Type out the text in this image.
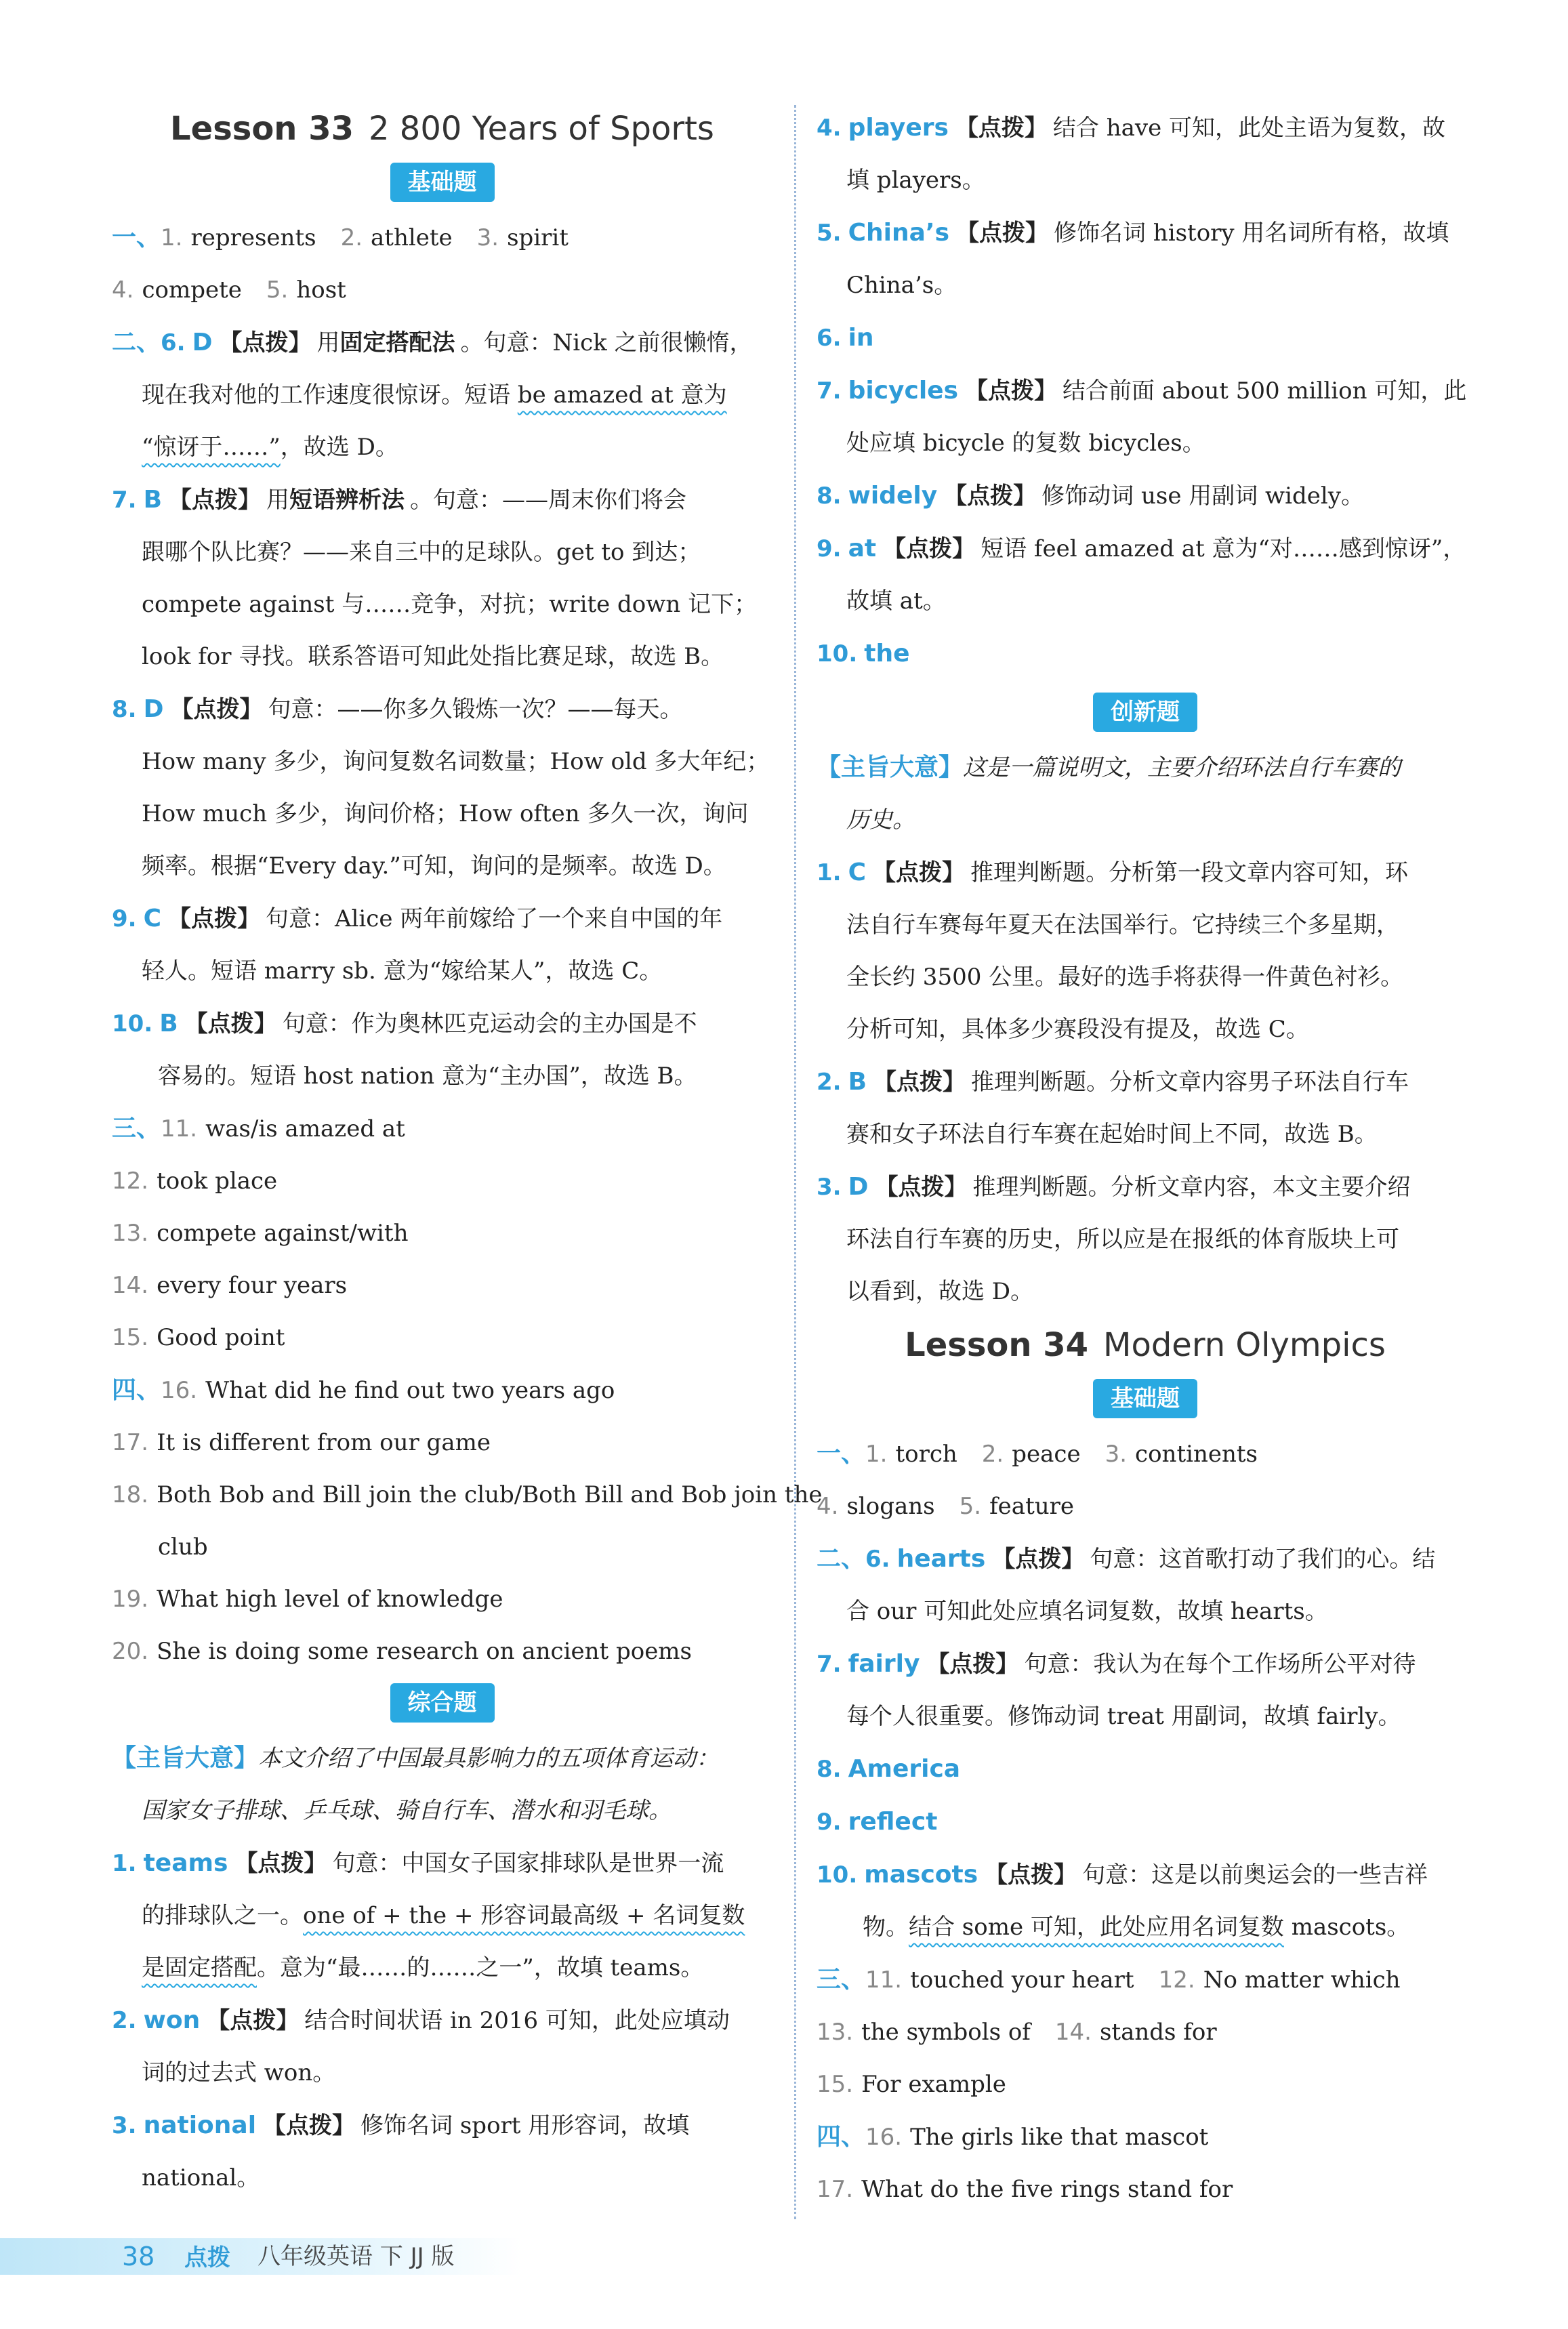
Lesson 33 2 800 Years of Sports
基础题
一、1. represents 2. athlete 3. spirit
4. compete 5. host
二、6. D 【点拨】 用固定搭配法 。句意：Nick 之前很懒惰，
现在我对他的工作速度很惊讶。短语 be amazed at 意为
“惊讶于……”，故选 D。
7. B 【点拨】 用短语辨析法 。句意：——周末你们将会
跟哪个队比赛？——来自三中的足球队。get to 到达；
compete against 与……竞争，对抗；write down 记下；
look for 寻找。联系答语可知此处指比赛足球，故选 B。
8. D 【点拨】 句意：——你多久锻炼一次？——每天。
How many 多少，询问复数名词数量；How old 多大年纪；
How much 多少，询问价格；How often 多久一次，询问
频率。根据“Every day.”可知，询问的是频率。故选 D。
9. C 【点拨】 句意：Alice 两年前嫁给了一个来自中国的年
轻人。短语 marry sb. 意为“嫁给某人”，故选 C。
10. B 【点拨】 句意：作为奥林匹克运动会的主办国是不
容易的。短语 host nation 意为“主办国”，故选 B。
三、11. was/is amazed at
12. took place
13. compete against/with
14. every four years
15. Good point
四、16. What did he find out two years ago
17. It is different from our game
18. Both Bob and Bill join the club/Both Bill and Bob join the
club
19. What high level of knowledge
20. She is doing some research on ancient poems
综合题
【主旨大意】本文介绍了中国最具影响力的五项体育运动：
国家女子排球、乒乓球、骑自行车、潜水和羽毛球。
1. teams 【点拨】 句意：中国女子国家排球队是世界一流
的排球队之一。one of + the + 形容词最高级 + 名词复数
是固定搭配。意为“最……的……之一”，故填 teams。
2. won 【点拨】 结合时间状语 in 2016 可知，此处应填动
词的过去式 won。
3. national 【点拨】 修饰名词 sport 用形容词，故填
national。
4. players 【点拨】 结合 have 可知，此处主语为复数，故
填 players。
5. China’s 【点拨】 修饰名词 history 用名词所有格，故填
China’s。
6. in
7. bicycles 【点拨】 结合前面 about 500 million 可知，此
处应填 bicycle 的复数 bicycles。
8. widely 【点拨】 修饰动词 use 用副词 widely。
9. at 【点拨】 短语 feel amazed at 意为“对……感到惊讶”，
故填 at。
10. the
创新题
【主旨大意】这是一篇说明文，主要介绍环法自行车赛的
历史。
1. C 【点拨】 推理判断题。分析第一段文章内容可知，环
法自行车赛每年夏天在法国举行。它持续三个多星期，
全长约 3500 公里。最好的选手将获得一件黄色衬衫。
分析可知，具体多少赛段没有提及，故选 C。
2. B 【点拨】 推理判断题。分析文章内容男子环法自行车
赛和女子环法自行车赛在起始时间上不同，故选 B。
3. D 【点拨】 推理判断题。分析文章内容，本文主要介绍
环法自行车赛的历史，所以应是在报纸的体育版块上可
以看到，故选 D。
Lesson 34 Modern Olympics
基础题
一、1. torch 2. peace 3. continents
4. slogans 5. feature
二、6. hearts 【点拨】 句意：这首歌打动了我们的心。结
合 our 可知此处应填名词复数，故填 hearts。
7. fairly 【点拨】 句意：我认为在每个工作场所公平对待
每个人很重要。修饰动词 treat 用副词，故填 fairly。
8. America
9. reflect
10. mascots 【点拨】 句意：这是以前奥运会的一些吉祥
物。结合 some 可知，此处应用名词复数 mascots。
三、11. touched your heart 12. No matter which
13. the symbols of 14. stands for
15. For example
四、16. The girls like that mascot
17. What do the five rings stand for
38 点拨 八年级英语 下 JJ 版
